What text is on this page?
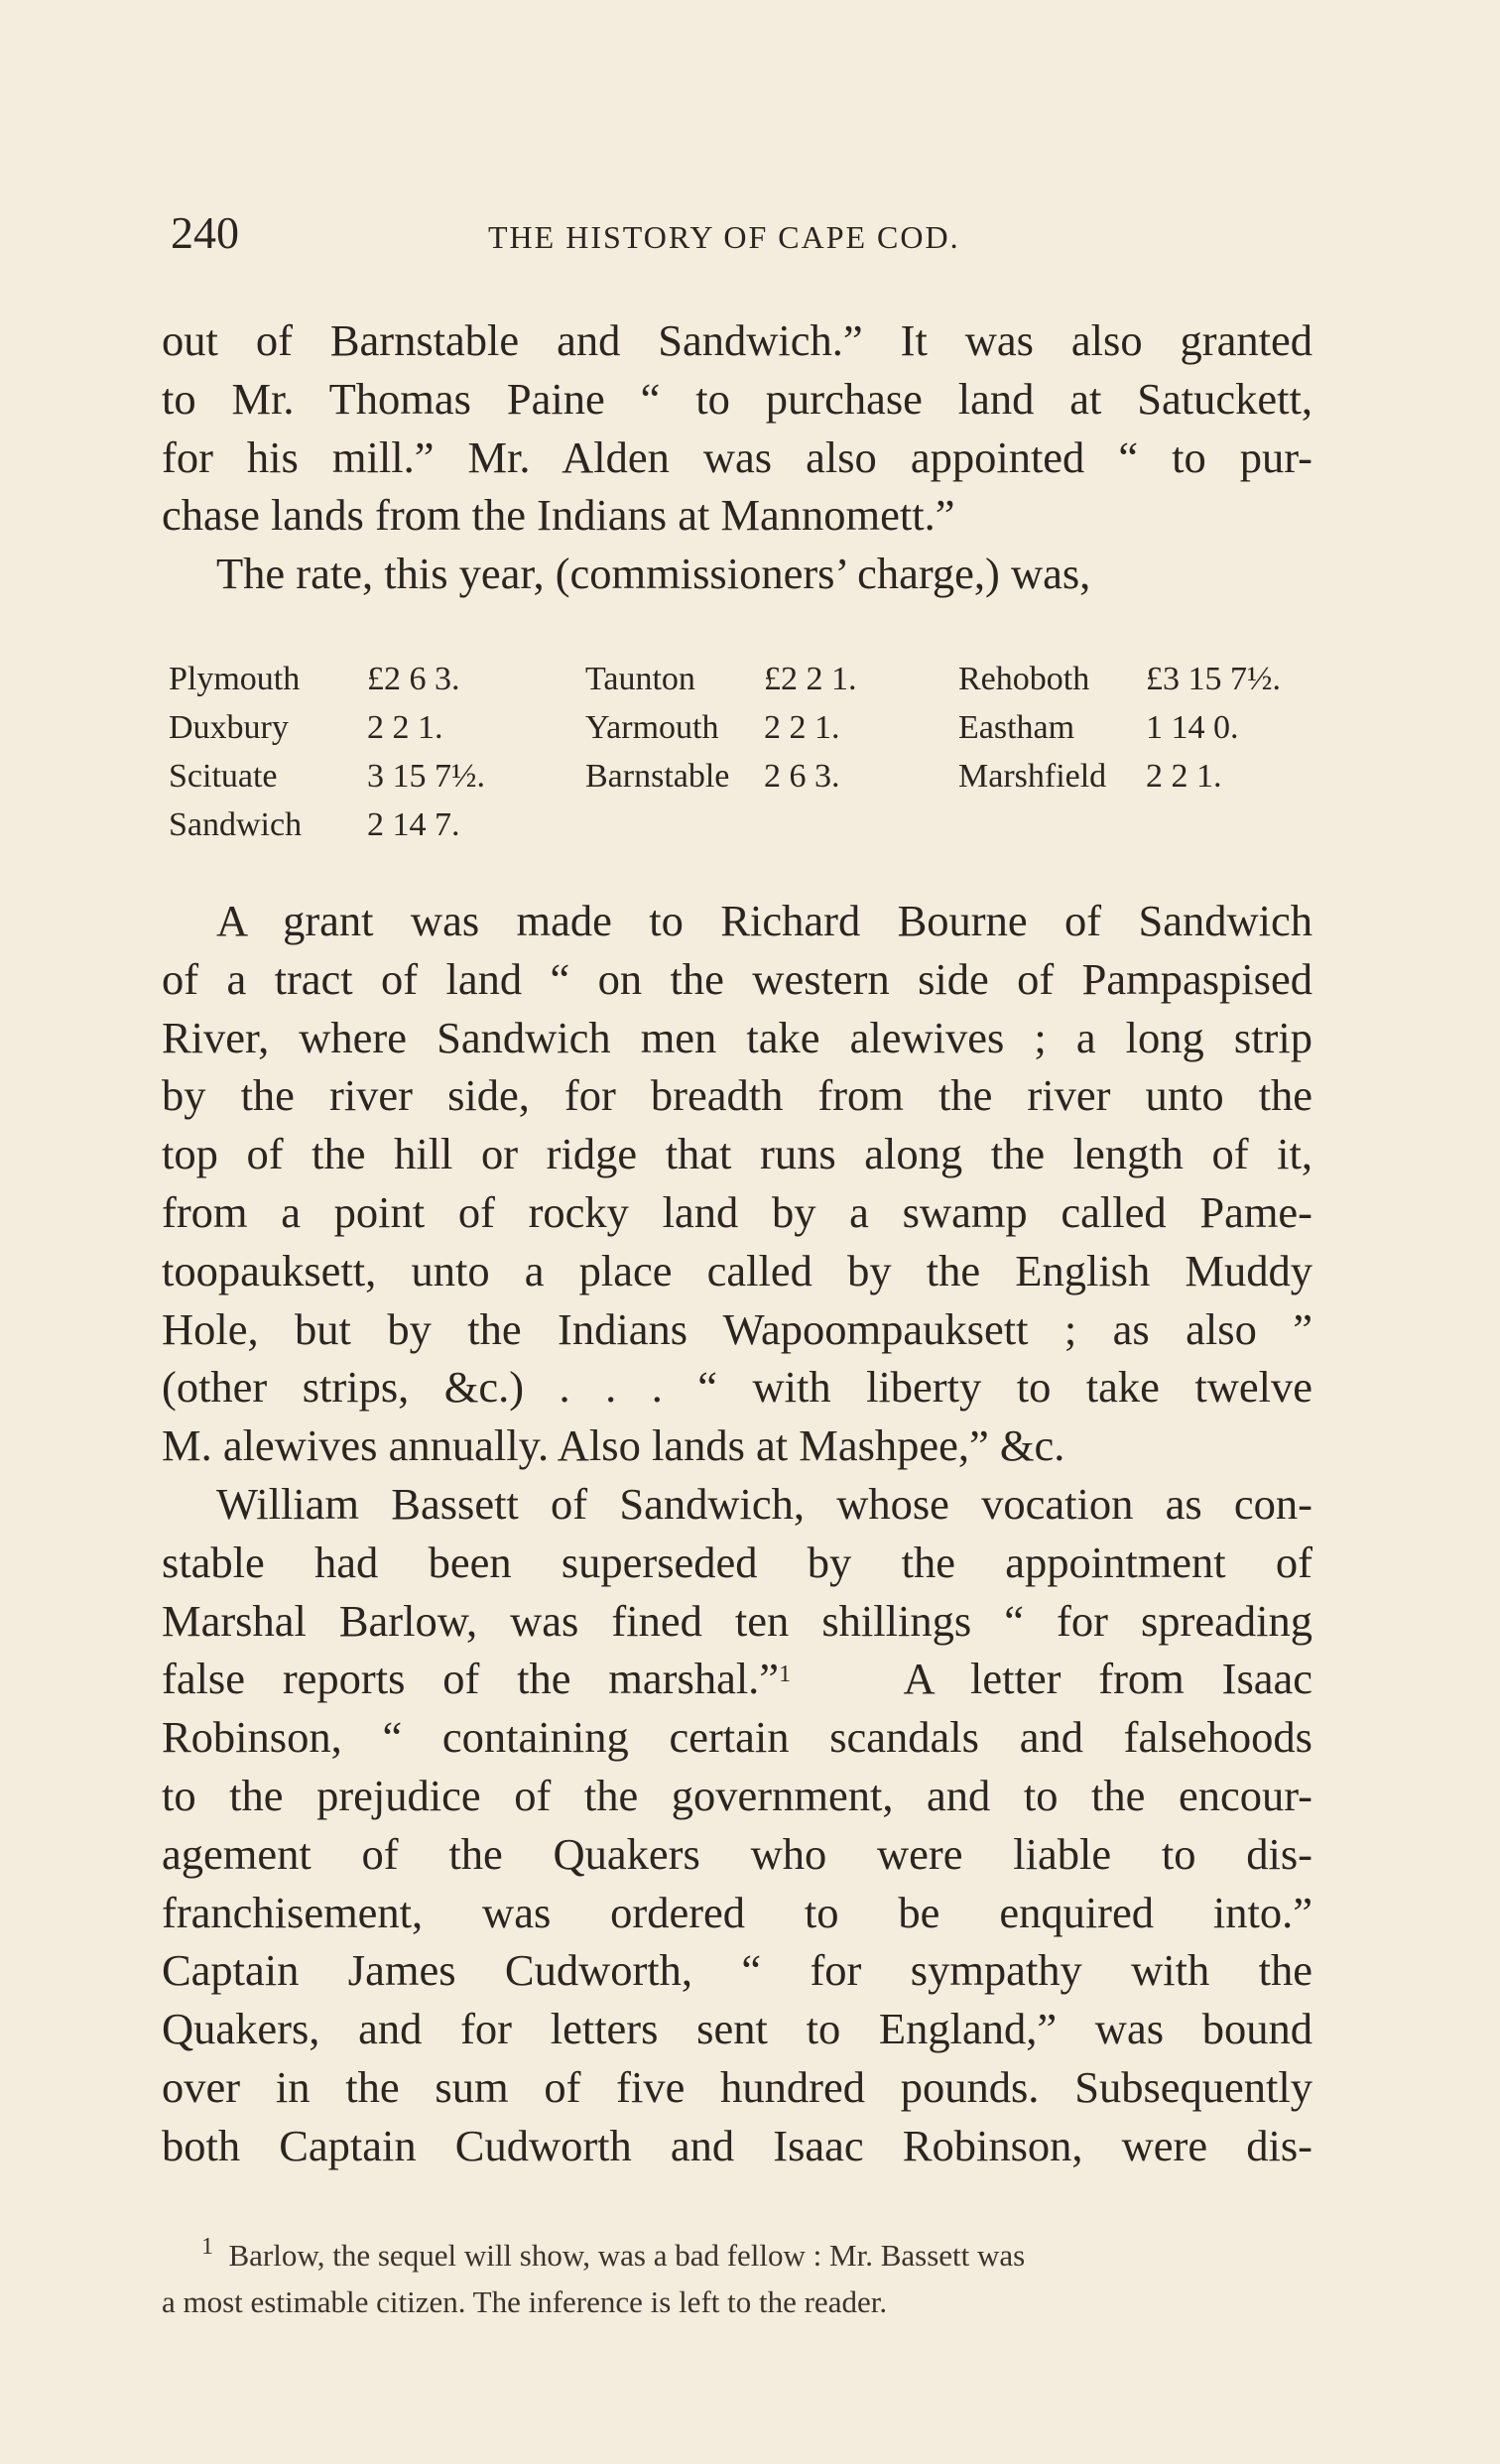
240	THE HISTORY OF CAPE COD.

out of Barnstable and Sandwich.” It was also granted
to Mr. Thomas Paine “ to purchase land at Satuckett,
for his mill.” Mr. Alden was also appointed “ to pur-
chase lands from the Indians at Mannomett.”

The rate, this year, (commissioners’ charge,) was,

Plymouth £2 6 3.	Taunton £2 2 1.	Rehoboth £3 15 7½.
Duxbury 2 2 1.	Yarmouth 2 2 1.	Eastham 1 14 0.
Scituate	3 15 7½.	Barnstable 2 6 3.	Marshfield 2 2 1.
Sandwich 2 14 7.

A grant was made to Richard Bourne of Sandwich
of a tract of land “ on the western side of Pampaspised
River, where Sandwich men take alewives ; a long strip
by the river side, for breadth from the river unto the
top of the hill or ridge that runs along the length of it,
from a point of rocky land by a swamp called Pame-
toopauksett, unto a place called by the English Muddy
Hole, but by the Indians Wapoompauksett ; as also ”
(other strips, &c.) . . . “ with liberty to take twelve
M. alewives annually. Also lands at Mashpee,” &c.

William Bassett of Sandwich, whose vocation as con-
stable had been superseded by the appointment of
Marshal Barlow, was fined ten shillings “ for spreading
false reports of the marshal.”$^1$	A letter from Isaac
Robinson, “ containing certain scandals and falsehoods
to the prejudice of the government, and to the encour-
agement of the Quakers who were liable to dis-
franchisement, was ordered to be enquired into.”
Captain James Cudworth, “ for sympathy with the
Quakers, and for letters sent to England,” was bound
over in the sum of five hundred pounds. Subsequently
both Captain Cudworth and Isaac Robinson, were dis-

$^1$ Barlow, the sequel will show, was a bad fellow : Mr. Bassett was
a most estimable citizen. The inference is left to the reader.
